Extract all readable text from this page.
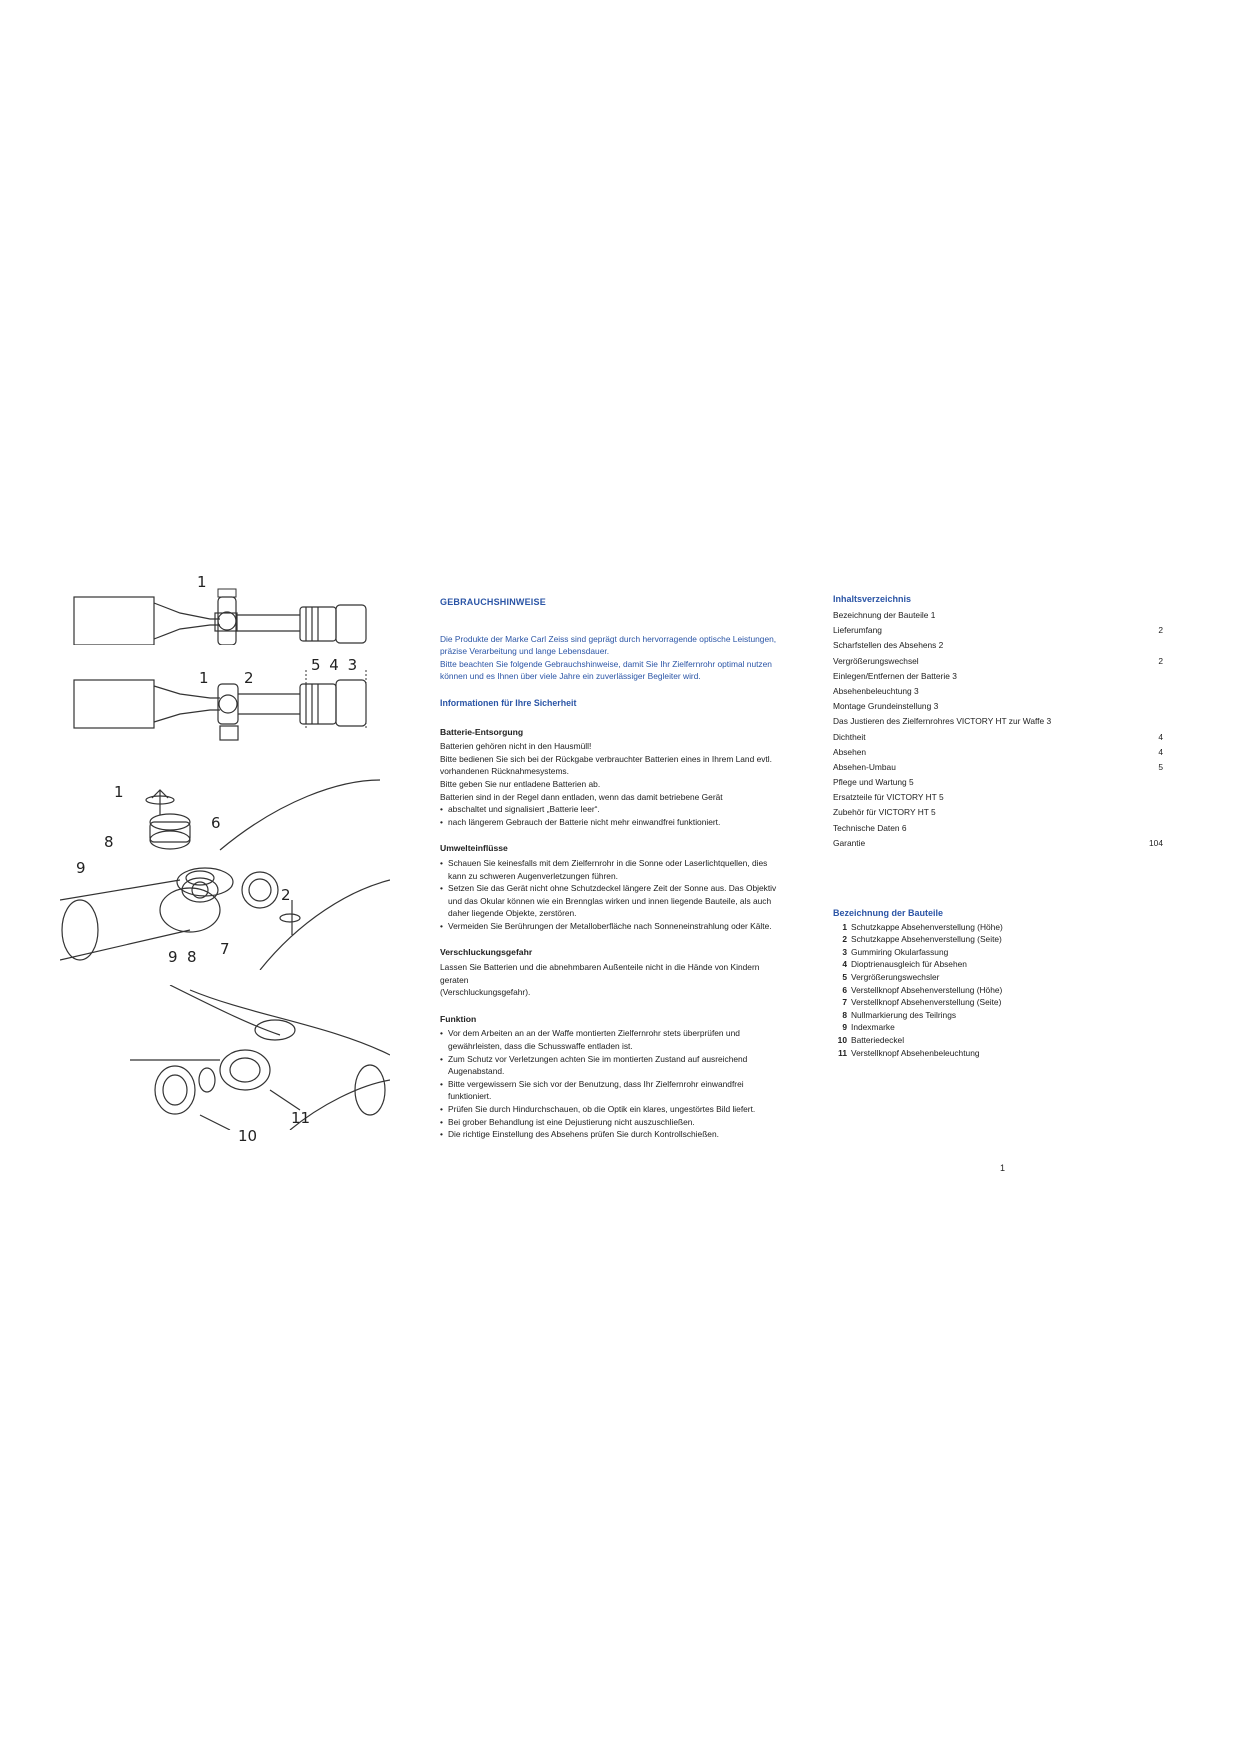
1
1 2
5 4 3
1
6
8
9
2
9 8 7
11
10

GEBRAUCHSHINWEISE

Die Produkte der Marke Carl Zeiss sind geprägt durch hervorragende optische Leistungen,

präzise Verarbeitung und lange Lebensdauer.

Bitte beachten Sie folgende Gebrauchshinweise, damit Sie Ihr Zielfernrohr optimal nutzen

können und es Ihnen über viele Jahre ein zuverlässiger Begleiter wird.

Informationen für Ihre Sicherheit

Batterie-Entsorgung

Batterien gehören nicht in den Hausmüll!

Bitte bedienen Sie sich bei der Rückgabe verbrauchter Batterien eines in Ihrem Land evtl.

vorhandenen Rücknahmesystems.

Bitte geben Sie nur entladene Batterien ab.

Batterien sind in der Regel dann entladen, wenn das damit betriebene Gerät

• abschaltet und signalisiert „Batterie leer“.

• nach längerem Gebrauch der Batterie nicht mehr einwandfrei funktioniert.

Umwelteinflüsse

• Schauen Sie keinesfalls mit dem Zielfernrohr in die Sonne oder Laserlichtquellen, dies kann zu schweren Augenverletzungen führen.

• Setzen Sie das Gerät nicht ohne Schutzdeckel längere Zeit der Sonne aus. Das Objektiv und das Okular können wie ein Brennglas wirken und innen liegende Bauteile, als auch daher liegende Objekte, zerstören.

• Vermeiden Sie Berührungen der Metalloberfläche nach Sonneneinstrahlung oder Kälte.

Verschluckungsgefahr

Lassen Sie Batterien und die abnehmbaren Außenteile nicht in die Hände von Kindern geraten

(Verschluckungsgefahr).

Funktion

• Vor dem Arbeiten an an der Waffe montierten Zielfernrohr stets überprüfen und gewährleisten, dass die Schusswaffe entladen ist.

• Zum Schutz vor Verletzungen achten Sie im montierten Zustand auf ausreichend Augenabstand.

• Bitte vergewissern Sie sich vor der Benutzung, dass Ihr Zielfernrohr einwandfrei funktioniert.

• Prüfen Sie durch Hindurchschauen, ob die Optik ein klares, ungestörtes Bild liefert.

• Bei grober Behandlung ist eine Dejustierung nicht auszuschließen.

• Die richtige Einstellung des Absehens prüfen Sie durch Kontrollschießen.

Inhaltsverzeichnis
Bezeichnung der Bauteile 1
Lieferumfang	2
Scharfstellen des Absehens 2
Vergrößerungswechsel	2
Einlegen/Entfernen der Batterie 3
Absehenbeleuchtung 3
Montage Grundeinstellung 3
Das Justieren des Zielfernrohres VICTORY HT zur Waffe 3
Dichtheit	4
Absehen	4
Absehen-Umbau	5
Pflege und Wartung 5
Ersatzteile für VICTORY HT 5
Zubehör für VICTORY HT 5
Technische Daten 6
Garantie	104
Bezeichnung der Bauteile
1 Schutzkappe Absehenverstellung (Höhe)
2 Schutzkappe Absehenverstellung (Seite)
3 Gummiring Okularfassung
4 Dioptrienausgleich für Absehen
5 Vergrößerungswechsler
6 Verstellknopf Absehenverstellung (Höhe)
7 Verstellknopf Absehenverstellung (Seite)
8 Nullmarkierung des Teilrings
9 Indexmarke
10 Batteriedeckel
11 Verstellknopf Absehenbeleuchtung
1
